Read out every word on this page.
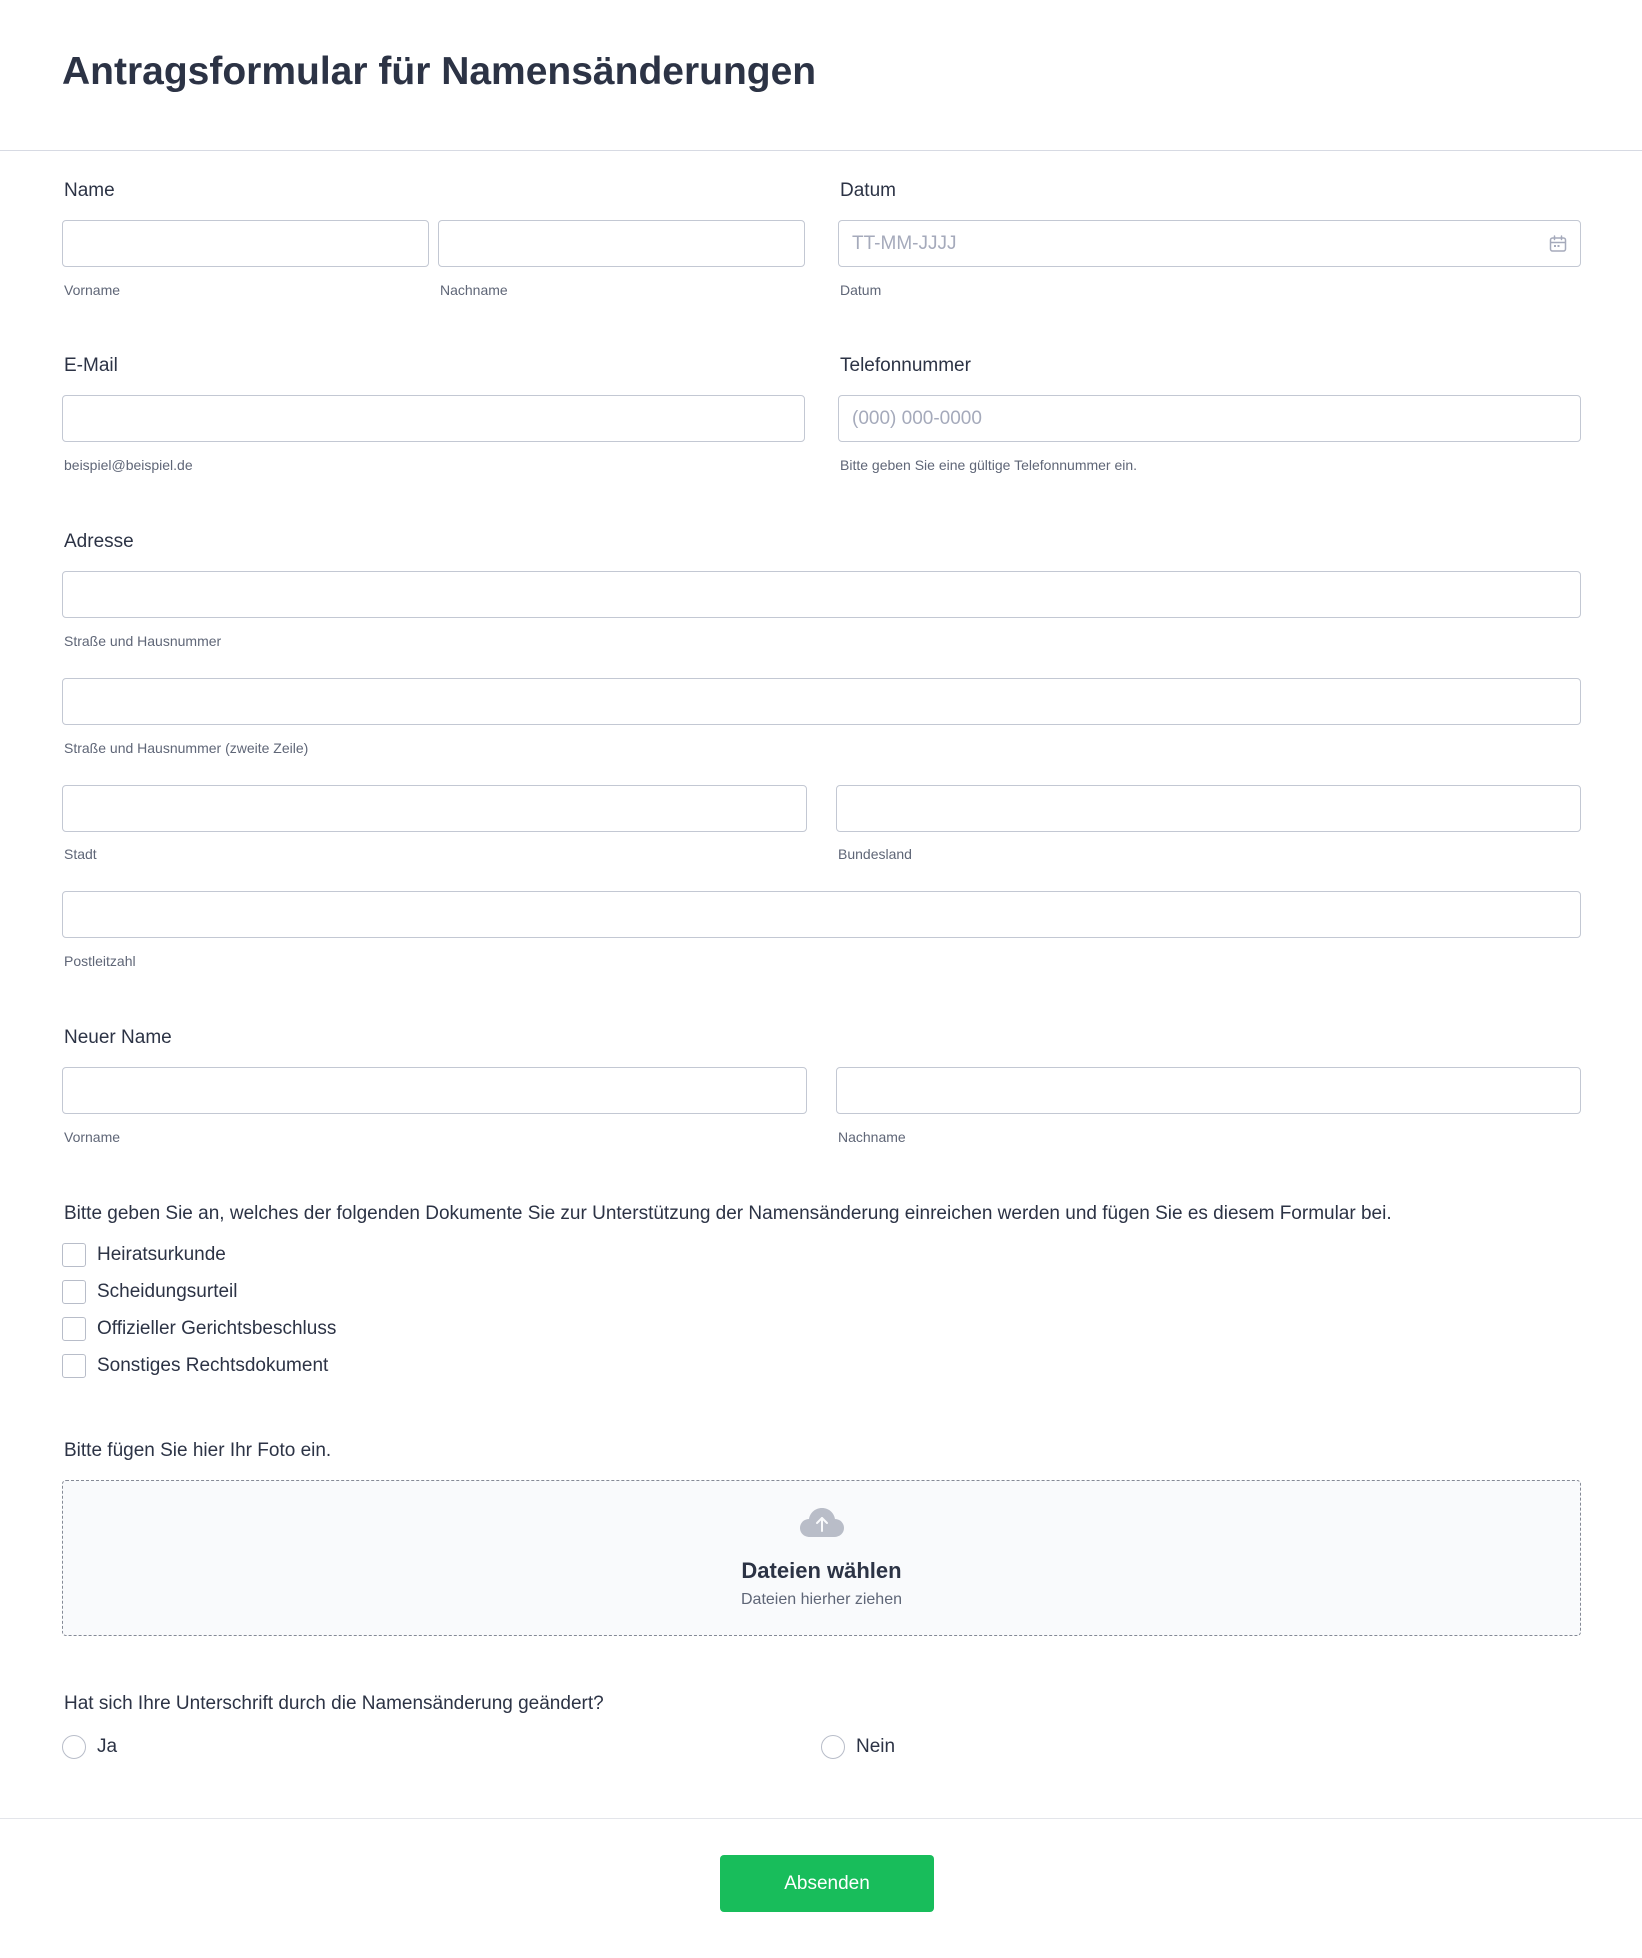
Antragsformular für Namensänderungen
Name
Vorname	Nachname
Datum
TT-MM-JJJJ
Datum
E-Mail
beispiel@beispiel.de
Telefonnummer
(000) 000-0000
Bitte geben Sie eine gültige Telefonnummer ein.
Adresse
Straße und Hausnummer
Straße und Hausnummer (zweite Zeile)
Stadt	Bundesland
Postleitzahl
Neuer Name
Vorname	Nachname
Bitte geben Sie an, welches der folgenden Dokumente Sie zur Unterstützung der Namensänderung einreichen werden und fügen Sie es diesem Formular bei.
Heiratsurkunde
Scheidungsurteil
Offizieller Gerichtsbeschluss
Sonstiges Rechtsdokument
Bitte fügen Sie hier Ihr Foto ein.
Dateien wählen
Dateien hierher ziehen
Hat sich Ihre Unterschrift durch die Namensänderung geändert?
Ja	Nein
Absenden
